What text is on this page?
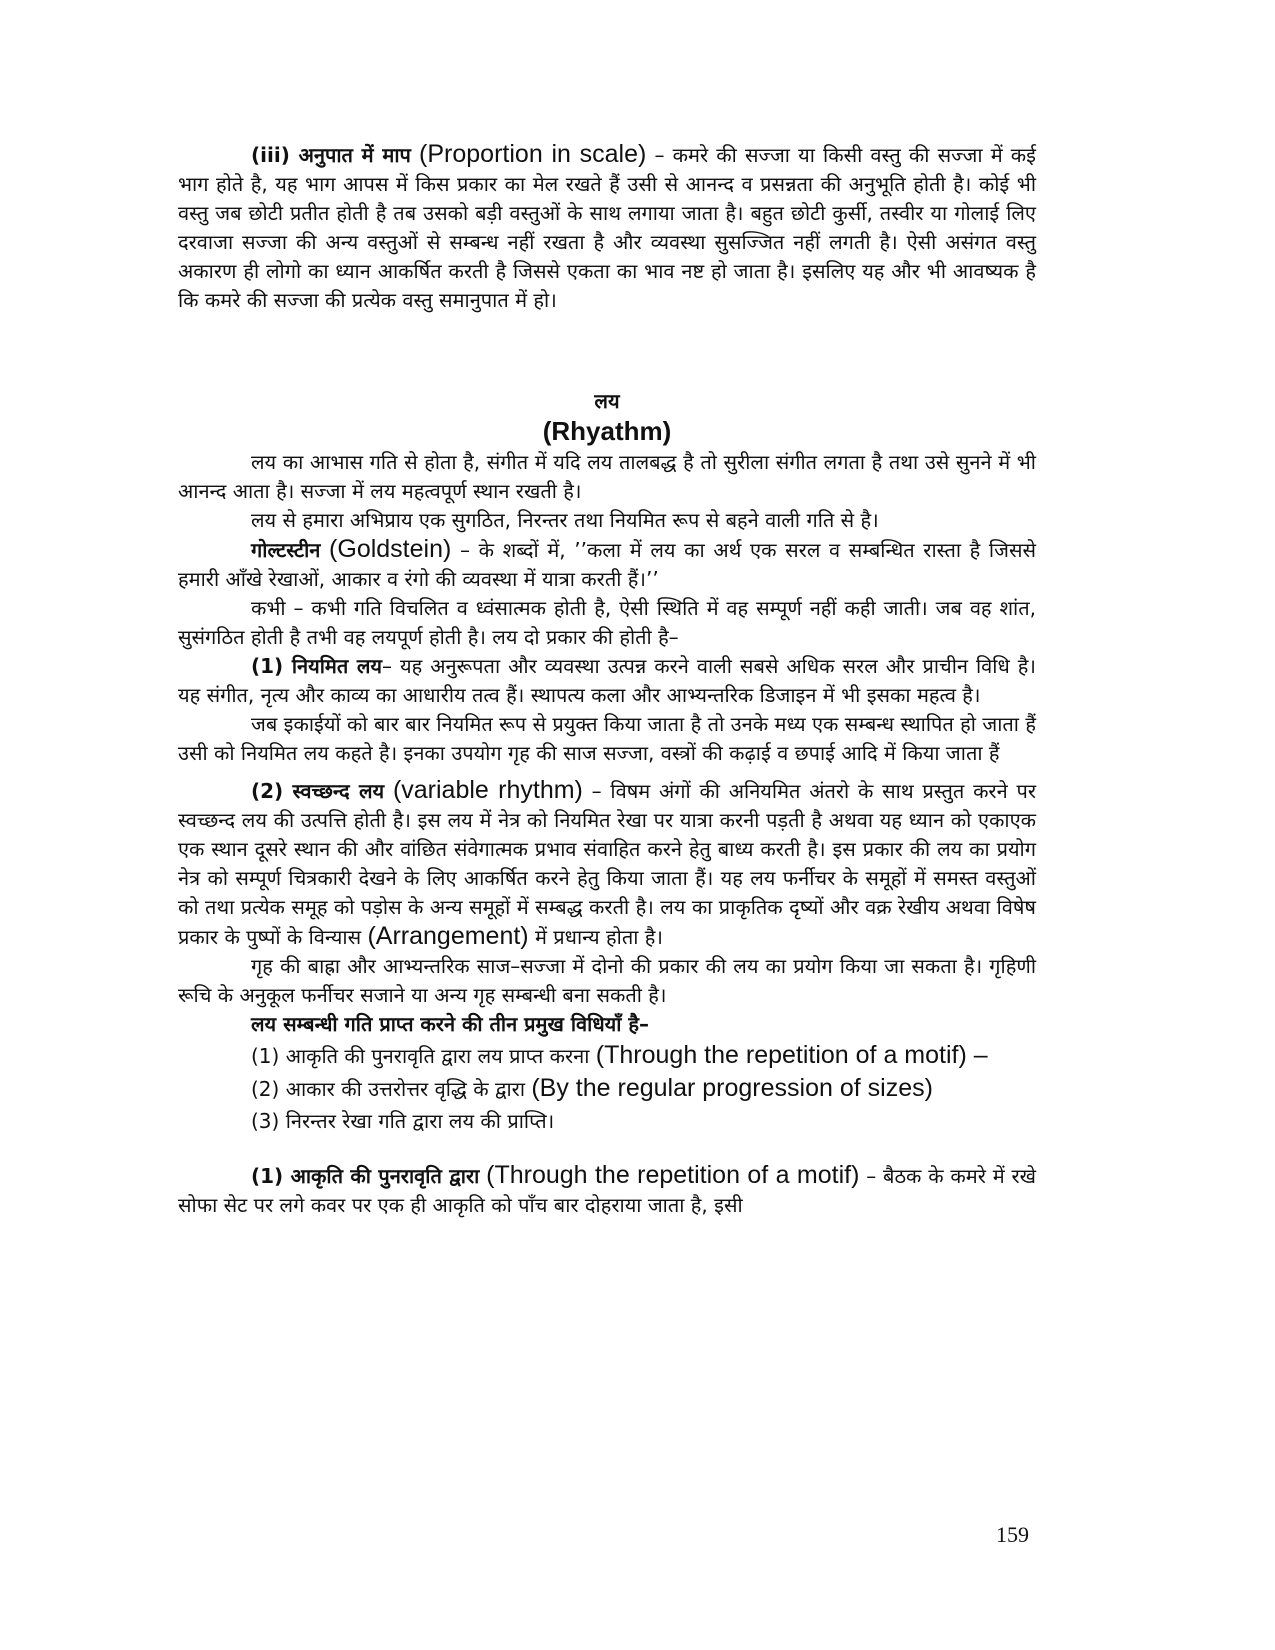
(iii) अनुपात में माप (Proportion in scale) – कमरे की सज्जा या किसी वस्तु की सज्जा में कई भाग होते है, यह भाग आपस में किस प्रकार का मेल रखते हैं उसी से आनन्द व प्रसन्नता की अनुभूति होती है। कोई भी वस्तु जब छोटी प्रतीत होती है तब उसको बड़ी वस्तुओं के साथ लगाया जाता है। बहुत छोटी कुर्सी, तस्वीर या गोलाई लिए दरवाजा सज्जा की अन्य वस्तुओं से सम्बन्ध नहीं रखता है और व्यवस्था सुसज्जित नहीं लगती है। ऐसी असंगत वस्तु अकारण ही लोगो का ध्यान आकर्षित करती है जिससे एकता का भाव नष्ट हो जाता है। इसलिए यह और भी आवष्यक है कि कमरे की सज्जा की प्रत्येक वस्तु समानुपात में हो।

लय
(Rhyathm)

लय का आभास गति से होता है, संगीत में यदि लय तालबद्ध है तो सुरीला संगीत लगता है तथा उसे सुनने में भी आनन्द आता है। सज्जा में लय महत्वपूर्ण स्थान रखती है।

लय से हमारा अभिप्राय एक सुगठित, निरन्तर तथा नियमित रूप से बहने वाली गति से है।

गोल्टस्टीन (Goldstein) – के शब्दों में, ’’कला में लय का अर्थ एक सरल व सम्बन्धित रास्ता है जिससे हमारी आँखे रेखाओं, आकार व रंगो की व्यवस्था में यात्रा करती हैं।’’

कभी – कभी गति विचलित व ध्वंसात्मक होती है, ऐसी स्थिति में वह सम्पूर्ण नहीं कही जाती। जब वह शांत, सुसंगठित होती है तभी वह लयपूर्ण होती है। लय दो प्रकार की होती है–

(1) नियमित लय– यह अनुरूपता और व्यवस्था उत्पन्न करने वाली सबसे अधिक सरल और प्राचीन विधि है। यह संगीत, नृत्य और काव्य का आधारीय तत्व हैं। स्थापत्य कला और आभ्यन्तरिक डिजाइन में भी इसका महत्व है।

जब इकाईयों को बार बार नियमित रूप से प्रयुक्त किया जाता है तो उनके मध्य एक सम्बन्ध स्थापित हो जाता हैं उसी को नियमित लय कहते है। इनका उपयोग गृह की साज सज्जा, वस्त्रों की कढ़ाई व छपाई आदि में किया जाता हैं

(2) स्वच्छन्द लय (variable rhythm) – विषम अंगों की अनियमित अंतरो के साथ प्रस्तुत करने पर स्वच्छन्द लय की उत्पत्ति होती है। इस लय में नेत्र को नियमित रेखा पर यात्रा करनी पड़ती है अथवा यह ध्यान को एकाएक एक स्थान दूसरे स्थान की और वांछित संवेगात्मक प्रभाव संवाहित करने हेतु बाध्य करती है। इस प्रकार की लय का प्रयोग नेत्र को सम्पूर्ण चित्रकारी देखने के लिए आकर्षित करने हेतु किया जाता हैं। यह लय फर्नीचर के समूहों में समस्त वस्तुओं को तथा प्रत्येक समूह को पड़ोस के अन्य समूहों में सम्बद्ध करती है। लय का प्राकृतिक दृष्यों और वक्र रेखीय अथवा विषेष प्रकार के पुष्पों के विन्यास (Arrangement) में प्रधान्य होता है।

गृह की बाह्रा और आभ्यन्तरिक साज–सज्जा में दोनो की प्रकार की लय का प्रयोग किया जा सकता है। गृहिणी रूचि के अनुकूल फर्नीचर सजाने या अन्य गृह सम्बन्धी बना सकती है।

लय सम्बन्धी गति प्राप्त करने की तीन प्रमुख विधियाँ है–

(1) आकृति की पुनरावृति द्वारा लय प्राप्त करना (Through the repetition of a motif) –

(2) आकार की उत्तरोत्तर वृद्धि के द्वारा (By the regular progression of sizes)

(3) निरन्तर रेखा गति द्वारा लय की प्राप्ति।

(1) आकृति की पुनरावृति द्वारा (Through the repetition of a motif) – बैठक के कमरे में रखे सोफा सेट पर लगे कवर पर एक ही आकृति को पाँच बार दोहराया जाता है, इसी

159
